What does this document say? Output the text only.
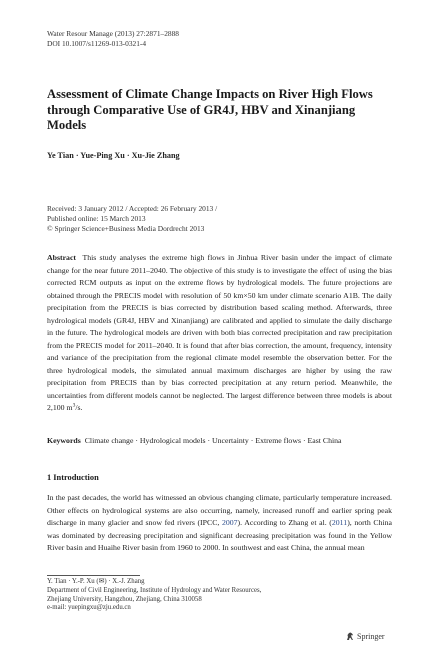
Water Resour Manage (2013) 27:2871–2888
DOI 10.1007/s11269-013-0321-4
Assessment of Climate Change Impacts on River High Flows through Comparative Use of GR4J, HBV and Xinanjiang Models
Ye Tian · Yue-Ping Xu · Xu-Jie Zhang
Received: 3 January 2012 / Accepted: 26 February 2013 /
Published online: 15 March 2013
© Springer Science+Business Media Dordrecht 2013

Abstract This study analyses the extreme high flows in Jinhua River basin under the impact of climate change for the near future 2011–2040. The objective of this study is to investigate the effect of using the bias corrected RCM outputs as input on the extreme flows by hydrological models. The future projections are obtained through the PRECIS model with resolution of 50 km×50 km under climate scenario A1B. The daily precipitation from the PRECIS is bias corrected by distribution based scaling method. Afterwards, three hydrological models (GR4J, HBV and Xinanjiang) are calibrated and applied to simulate the daily discharge in the future. The hydrological models are driven with both bias corrected precipitation and raw precipitation from the PRECIS model for 2011–2040. It is found that after bias correction, the amount, frequency, intensity and variance of the precipitation from the regional climate model resemble the observation better. For the three hydrological models, the simulated annual maximum discharges are higher by using the raw precipitation from PRECIS than by bias corrected precipitation at any return period. Meanwhile, the uncertainties from different models cannot be neglected. The largest difference between three models is about 2,100 $m^3/s$.

Keywords Climate change · Hydrological models · Uncertainty · Extreme flows · East China
1 Introduction

In the past decades, the world has witnessed an obvious changing climate, particularly temperature increased. Other effects on hydrological systems are also occurring, namely, increased runoff and earlier spring peak discharge in many glacier and snow fed rivers (IPCC, 2007). According to Zhang et al. (2011), north China was dominated by decreasing precipitation and significant decreasing precipitation was found in the Yellow River basin and Huaihe River basin from 1960 to 2000. In southwest and east China, the annual mean

Y. Tian · Y.-P. Xu (✉) · X.-J. Zhang
Department of Civil Engineering, Institute of Hydrology and Water Resources,
Zhejiang University, Hangzhou, Zhejiang, China 310058
e-mail: yuepingxu@zju.edu.cn
Springer
